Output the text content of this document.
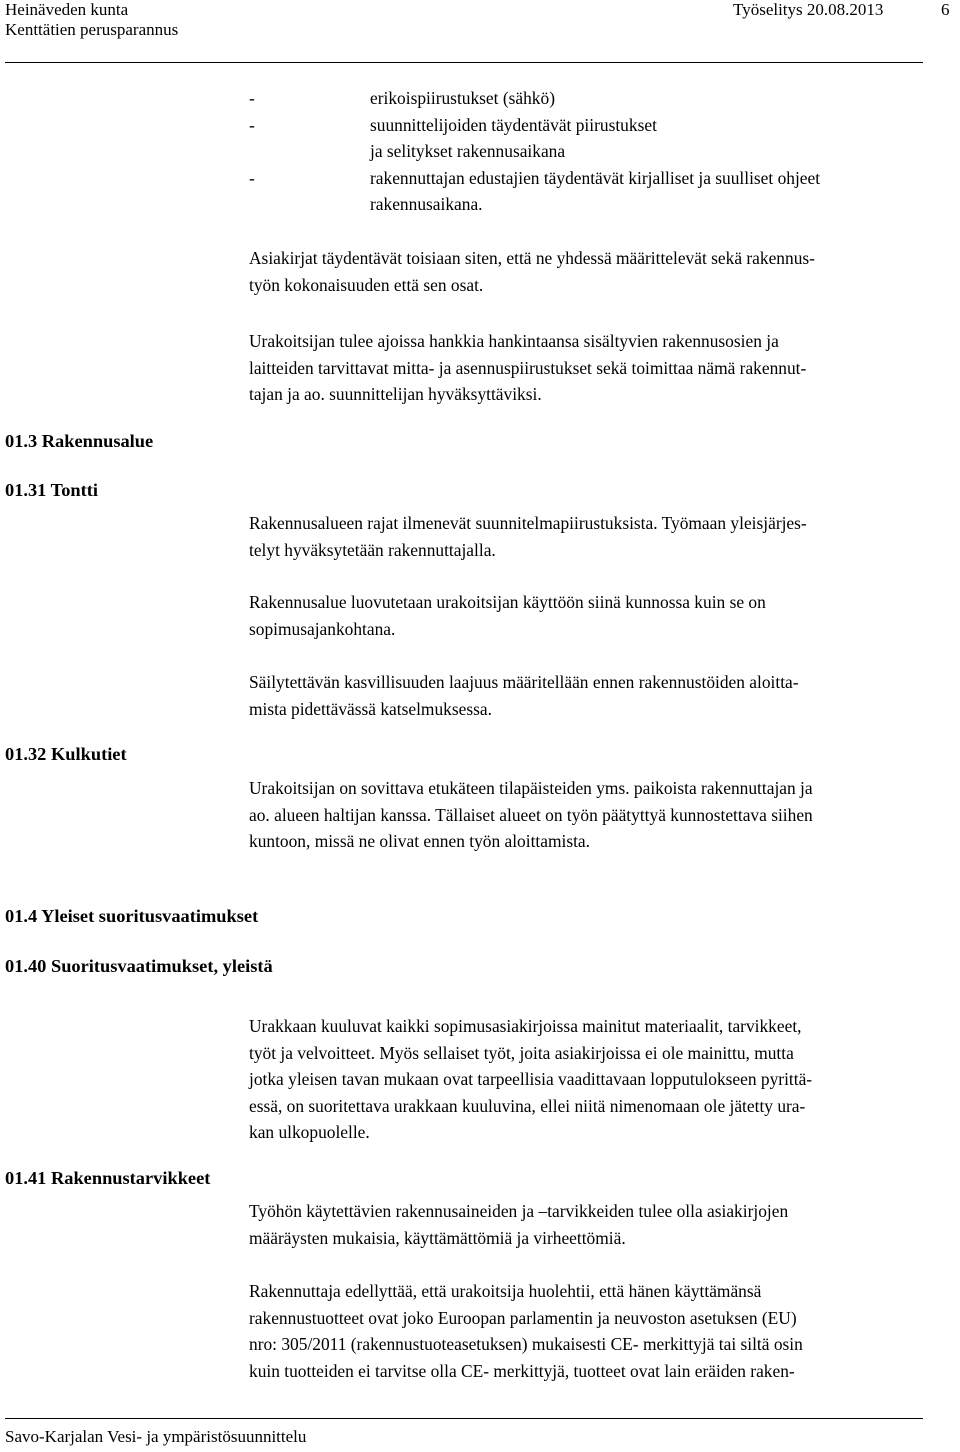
Heinäveden kunta
Kenttätien perusparannus
Työselitys 20.08.2013	6
-	erikoispiirustukset (sähkö)
-	suunnittelijoiden täydentävät piirustukset
ja selitykset rakennusaikana
-	rakennuttajan edustajien täydentävät kirjalliset ja suulliset ohjeet
rakennusaikana.
Asiakirjat täydentävät toisiaan siten, että ne yhdessä määrittelevät sekä rakennus-
työn kokonaisuuden että sen osat.
Urakoitsijan tulee ajoissa hankkia hankintaansa sisältyvien rakennusosien ja
laitteiden tarvittavat mitta- ja asennuspiirustukset sekä toimittaa nämä rakennut-
tajan ja ao. suunnittelijan hyväksyttäviksi.
01.3 Rakennusalue
01.31 Tontti
Rakennusalueen rajat ilmenevät suunnitelmapiirustuksista. Työmaan yleisjärjes-
telyt hyväksytetään rakennuttajalla.
Rakennusalue luovutetaan urakoitsijan käyttöön siinä kunnossa kuin se on
sopimusajankohtana.
Säilytettävän kasvillisuuden laajuus määritellään ennen rakennustöiden aloitta-
mista pidettävässä katselmuksessa.
01.32 Kulkutiet
Urakoitsijan on sovittava etukäteen tilapäisteiden yms. paikoista rakennuttajan ja
ao. alueen haltijan kanssa. Tällaiset alueet on työn päätyttyä kunnostettava siihen
kuntoon, missä ne olivat ennen työn aloittamista.
01.4 Yleiset suoritusvaatimukset
01.40 Suoritusvaatimukset, yleistä
Urakkaan kuuluvat kaikki sopimusasiakirjoissa mainitut materiaalit, tarvikkeet,
työt ja velvoitteet. Myös sellaiset työt, joita asiakirjoissa ei ole mainittu, mutta
jotka yleisen tavan mukaan ovat tarpeellisia vaadittavaan lopputulokseen pyrittä-
essä, on suoritettava urakkaan kuuluvina, ellei niitä nimenomaan ole jätetty ura-
kan ulkopuolelle.
01.41 Rakennustarvikkeet
Työhön käytettävien rakennusaineiden ja –tarvikkeiden tulee olla asiakirjojen
määräysten mukaisia, käyttämättömiä ja virheettömiä.
Rakennuttaja edellyttää, että urakoitsija huolehtii, että hänen käyttämänsä
rakennustuotteet ovat joko Euroopan parlamentin ja neuvoston asetuksen (EU)
nro: 305/2011 (rakennustuoteasetuksen) mukaisesti CE- merkittyjä tai siltä osin
kuin tuotteiden ei tarvitse olla CE- merkittyjä, tuotteet ovat lain eräiden raken-
Savo-Karjalan Vesi- ja ympäristösuunnittelu
